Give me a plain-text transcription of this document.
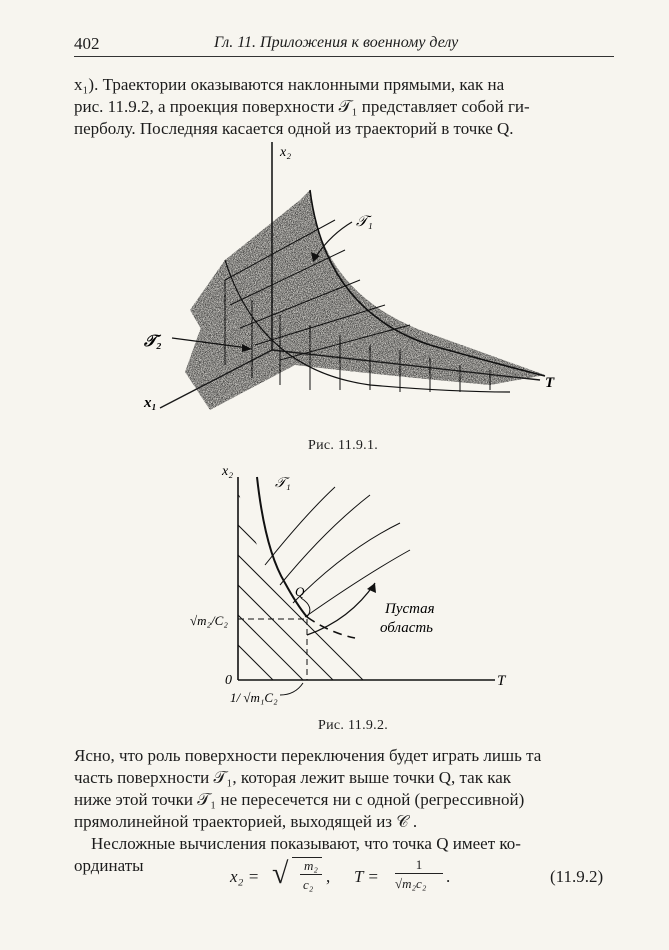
402	Гл. 11. Приложения к военному делу

x₁). Траектории оказываются наклонными прямыми, как на

рис. 11.9.2, а проекция поверхности 𝒯₁ представляет собой ги-

перболу. Последняя касается одной из траекторий в точке Q.

x₂
𝒯₁
𝒯₂
x₁
T
Рис. 11.9.1.
x₂
𝒯₁
Q
√m₂/C₂
Пустая
область
0	T
1/ √m₁C₂
Рис. 11.9.2.

Ясно, что роль поверхности переключения будет играть лишь та

часть поверхности 𝒯₁, которая лежит выше точки Q, так как

ниже этой точки 𝒯₁ не пересечется ни с одной (регрессивной)

прямолинейной траекторией, выходящей из 𝒞 .

Несложные вычисления показывают, что точка Q имеет ко-

ординаты

x₂ = √	m₂
c₂ , T =
1
√m₂c₂ .	(11.9.2)
